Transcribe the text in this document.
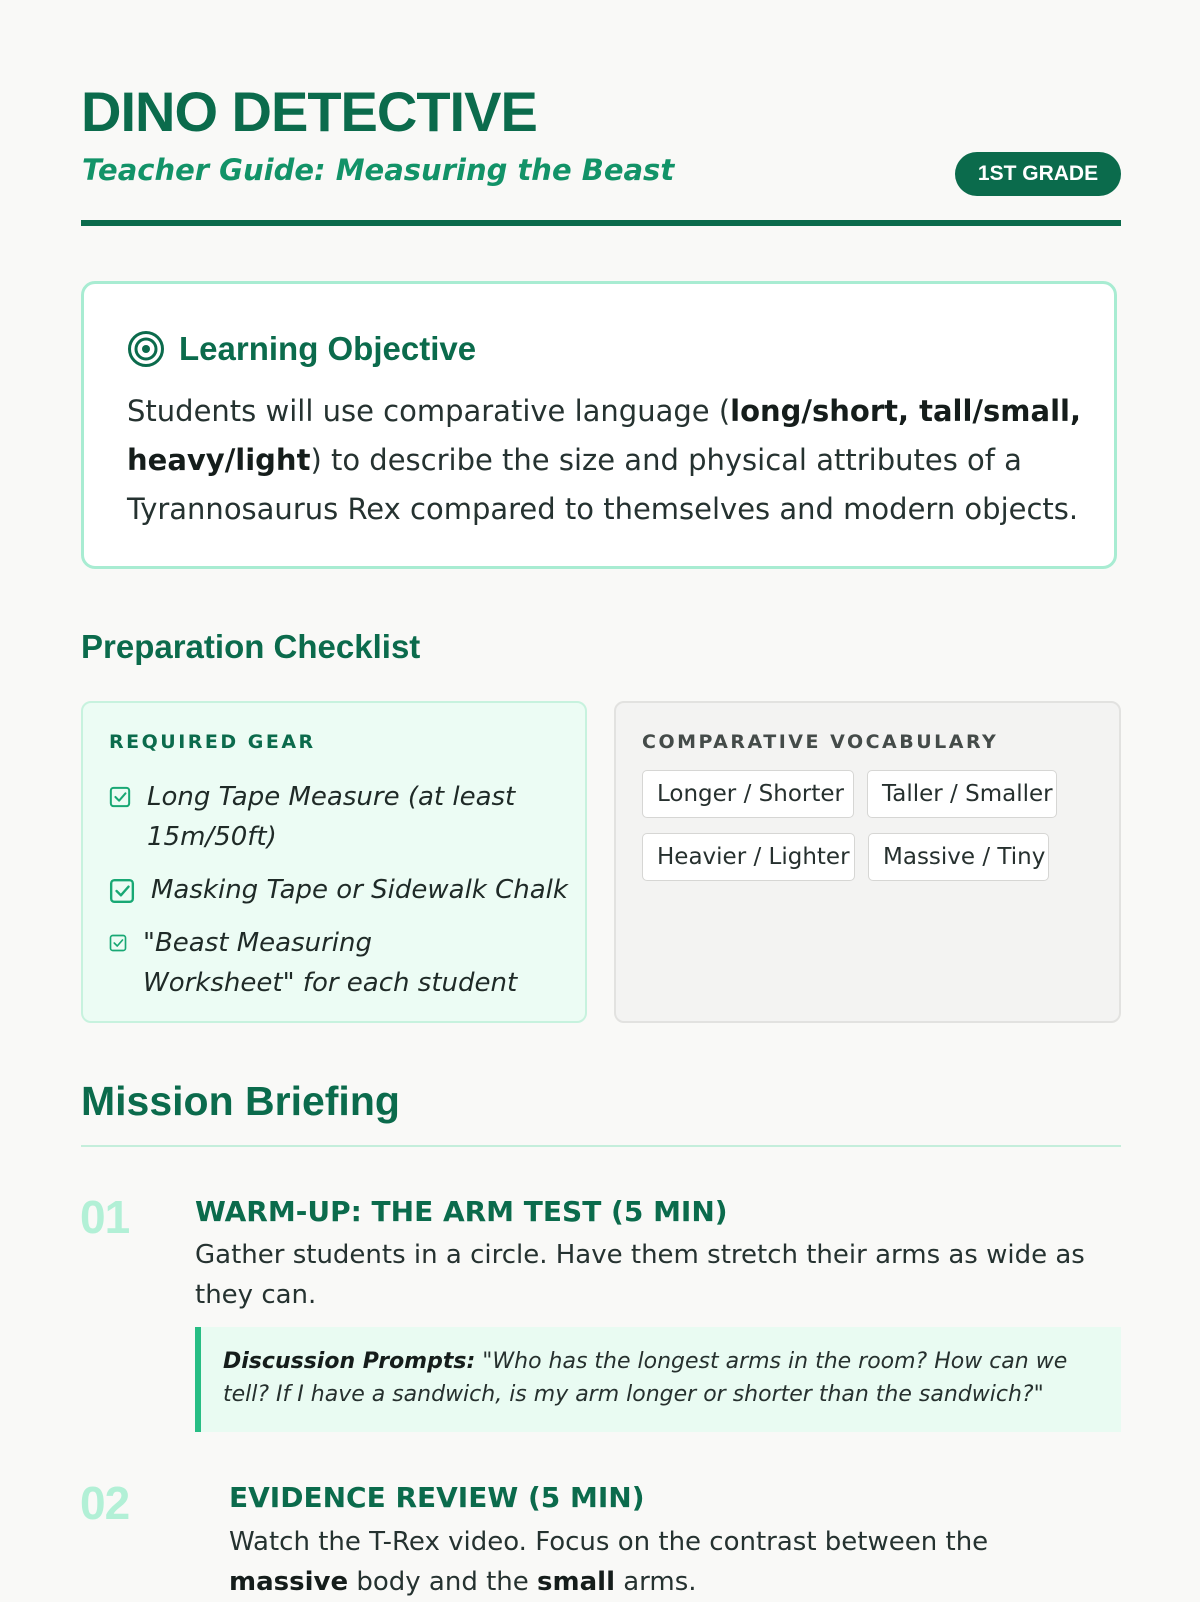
DINO DETECTIVE
Teacher Guide: Measuring the Beast	1ST GRADE
Learning Objective

Students will use comparative language (long/short, tall/small, heavy/light) to describe the size and physical attributes of a Tyrannosaurus Rex compared to themselves and modern objects.

Preparation Checklist

REQUIRED GEAR

Long Tape Measure (at least 15m/50ft)
Masking Tape or Sidewalk Chalk
"Beast Measuring Worksheet" for each student

COMPARATIVE VOCABULARY

Longer / Shorter	Taller / Smaller
Heavier / Lighter	Massive / Tiny
Mission Briefing
01 WARM-UP: THE ARM TEST (5 MIN)

Gather students in a circle. Have them stretch their arms as wide as they can.

Discussion Prompts: "Who has the longest arms in the room? How can we tell? If I have a sandwich, is my arm longer or shorter than the sandwich?"

02	EVIDENCE REVIEW (5 MIN)

Watch the T-Rex video. Focus on the contrast between the massive body and the small arms.
